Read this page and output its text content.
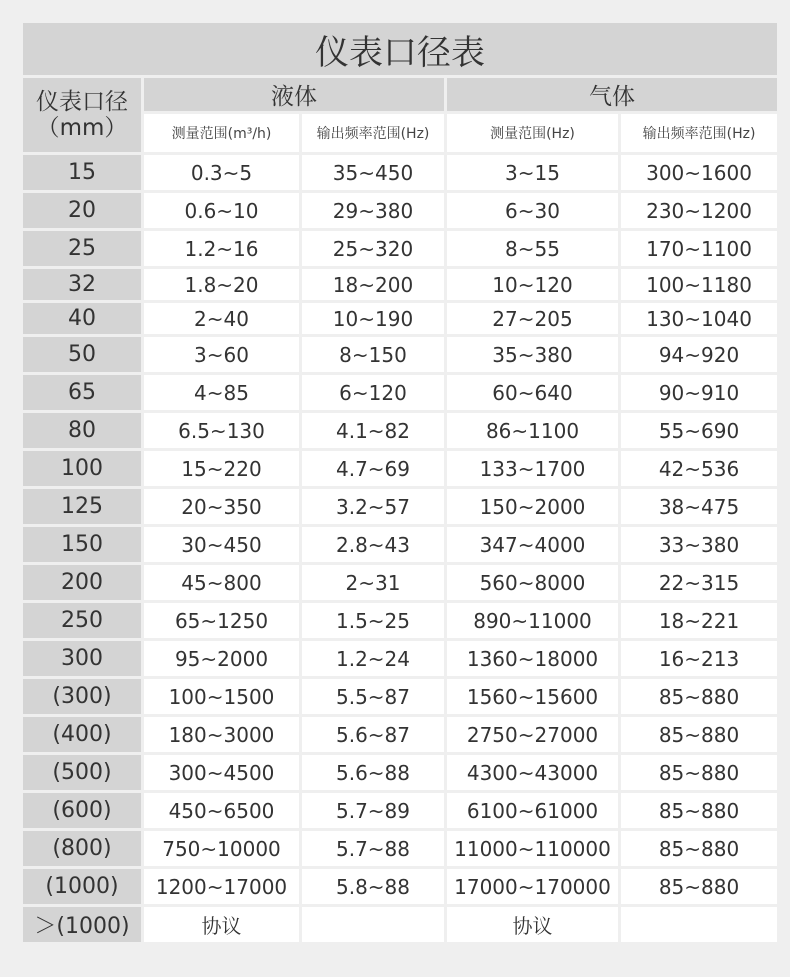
仪表口径表				

仪表口径
（mm）	液体		气体	
	测量范围(m³/h)	输出频率范围(Hz)	测量范围(Hz)	输出频率范围(Hz)
15	0.3~5	35~450	3~15	300~1600
20	0.6~10	29~380	6~30	230~1200
25	1.2~16	25~320	8~55	170~1100
32	1.8~20	18~200	10~120	100~1180
40	2~40	10~190	27~205	130~1040
50	3~60	8~150	35~380	94~920
65	4~85	6~120	60~640	90~910
80	6.5~130	4.1~82	86~1100	55~690
100	15~220	4.7~69	133~1700	42~536
125	20~350	3.2~57	150~2000	38~475
150	30~450	2.8~43	347~4000	33~380
200	45~800	2~31	560~8000	22~315
250	65~1250	1.5~25	890~11000	18~221
300	95~2000	1.2~24	1360~18000	16~213
(300)	100~1500	5.5~87	1560~15600	85~880
(400)	180~3000	5.6~87	2750~27000	85~880
(500)	300~4500	5.6~88	4300~43000	85~880
(600)	450~6500	5.7~89	6100~61000	85~880
(800)	750~10000	5.7~88	11000~110000	85~880
(1000)	1200~17000	5.8~88	17000~170000	85~880
＞(1000)	协议		协议	
